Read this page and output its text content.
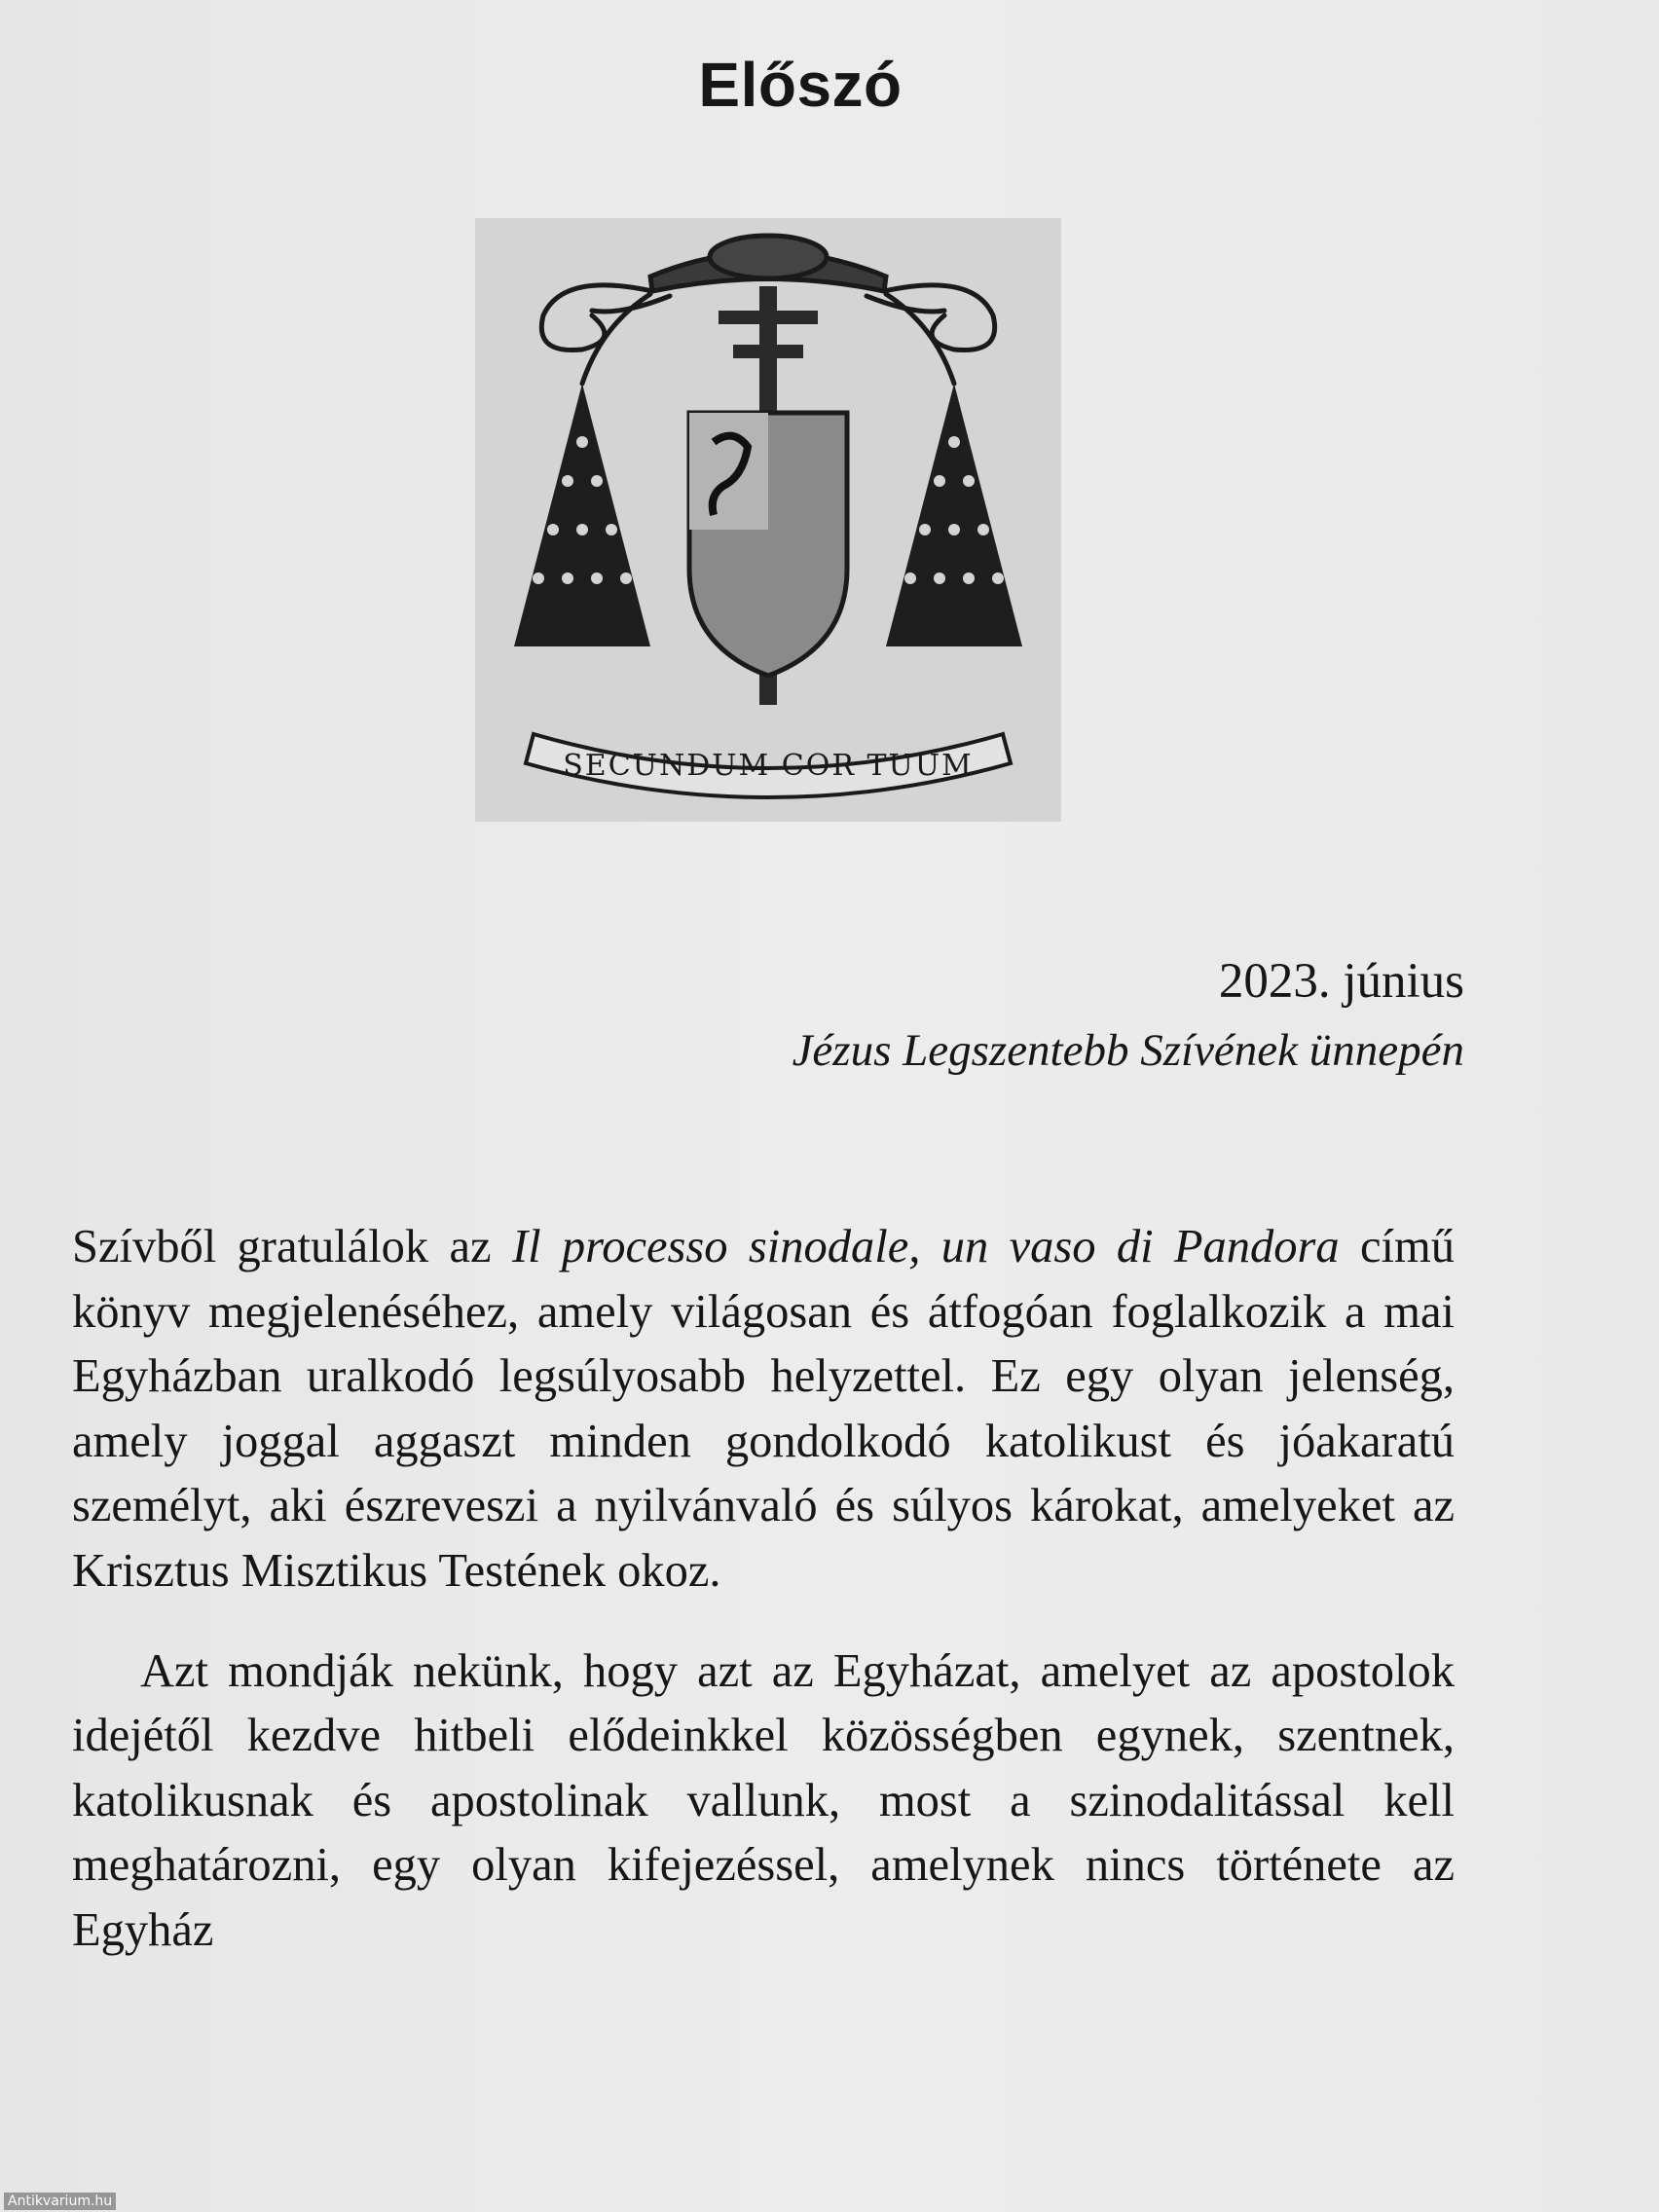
Előszó
SECUNDUM COR TUUM
2023. június
Jézus Legszentebb Szívének ünnepén

Szívből gratulálok az Il processo sinodale, un vaso di Pandora című könyv megjelenéséhez, amely világosan és átfogóan foglalkozik a mai Egyházban uralkodó legsúlyosabb helyzettel. Ez egy olyan jelenség, amely joggal aggaszt minden gondolkodó katolikust és jóakaratú személyt, aki észreveszi a nyilvánvaló és súlyos károkat, amelyeket az Krisztus Misztikus Testének okoz.

Azt mondják nekünk, hogy azt az Egyházat, amelyet az apostolok idejétől kezdve hitbeli elődeinkkel közösségben egynek, szentnek, katolikusnak és apostolinak vallunk, most a szinodalitással kell meghatározni, egy olyan kifejezéssel, amelynek nincs története az Egyház

Antikvarium.hu
